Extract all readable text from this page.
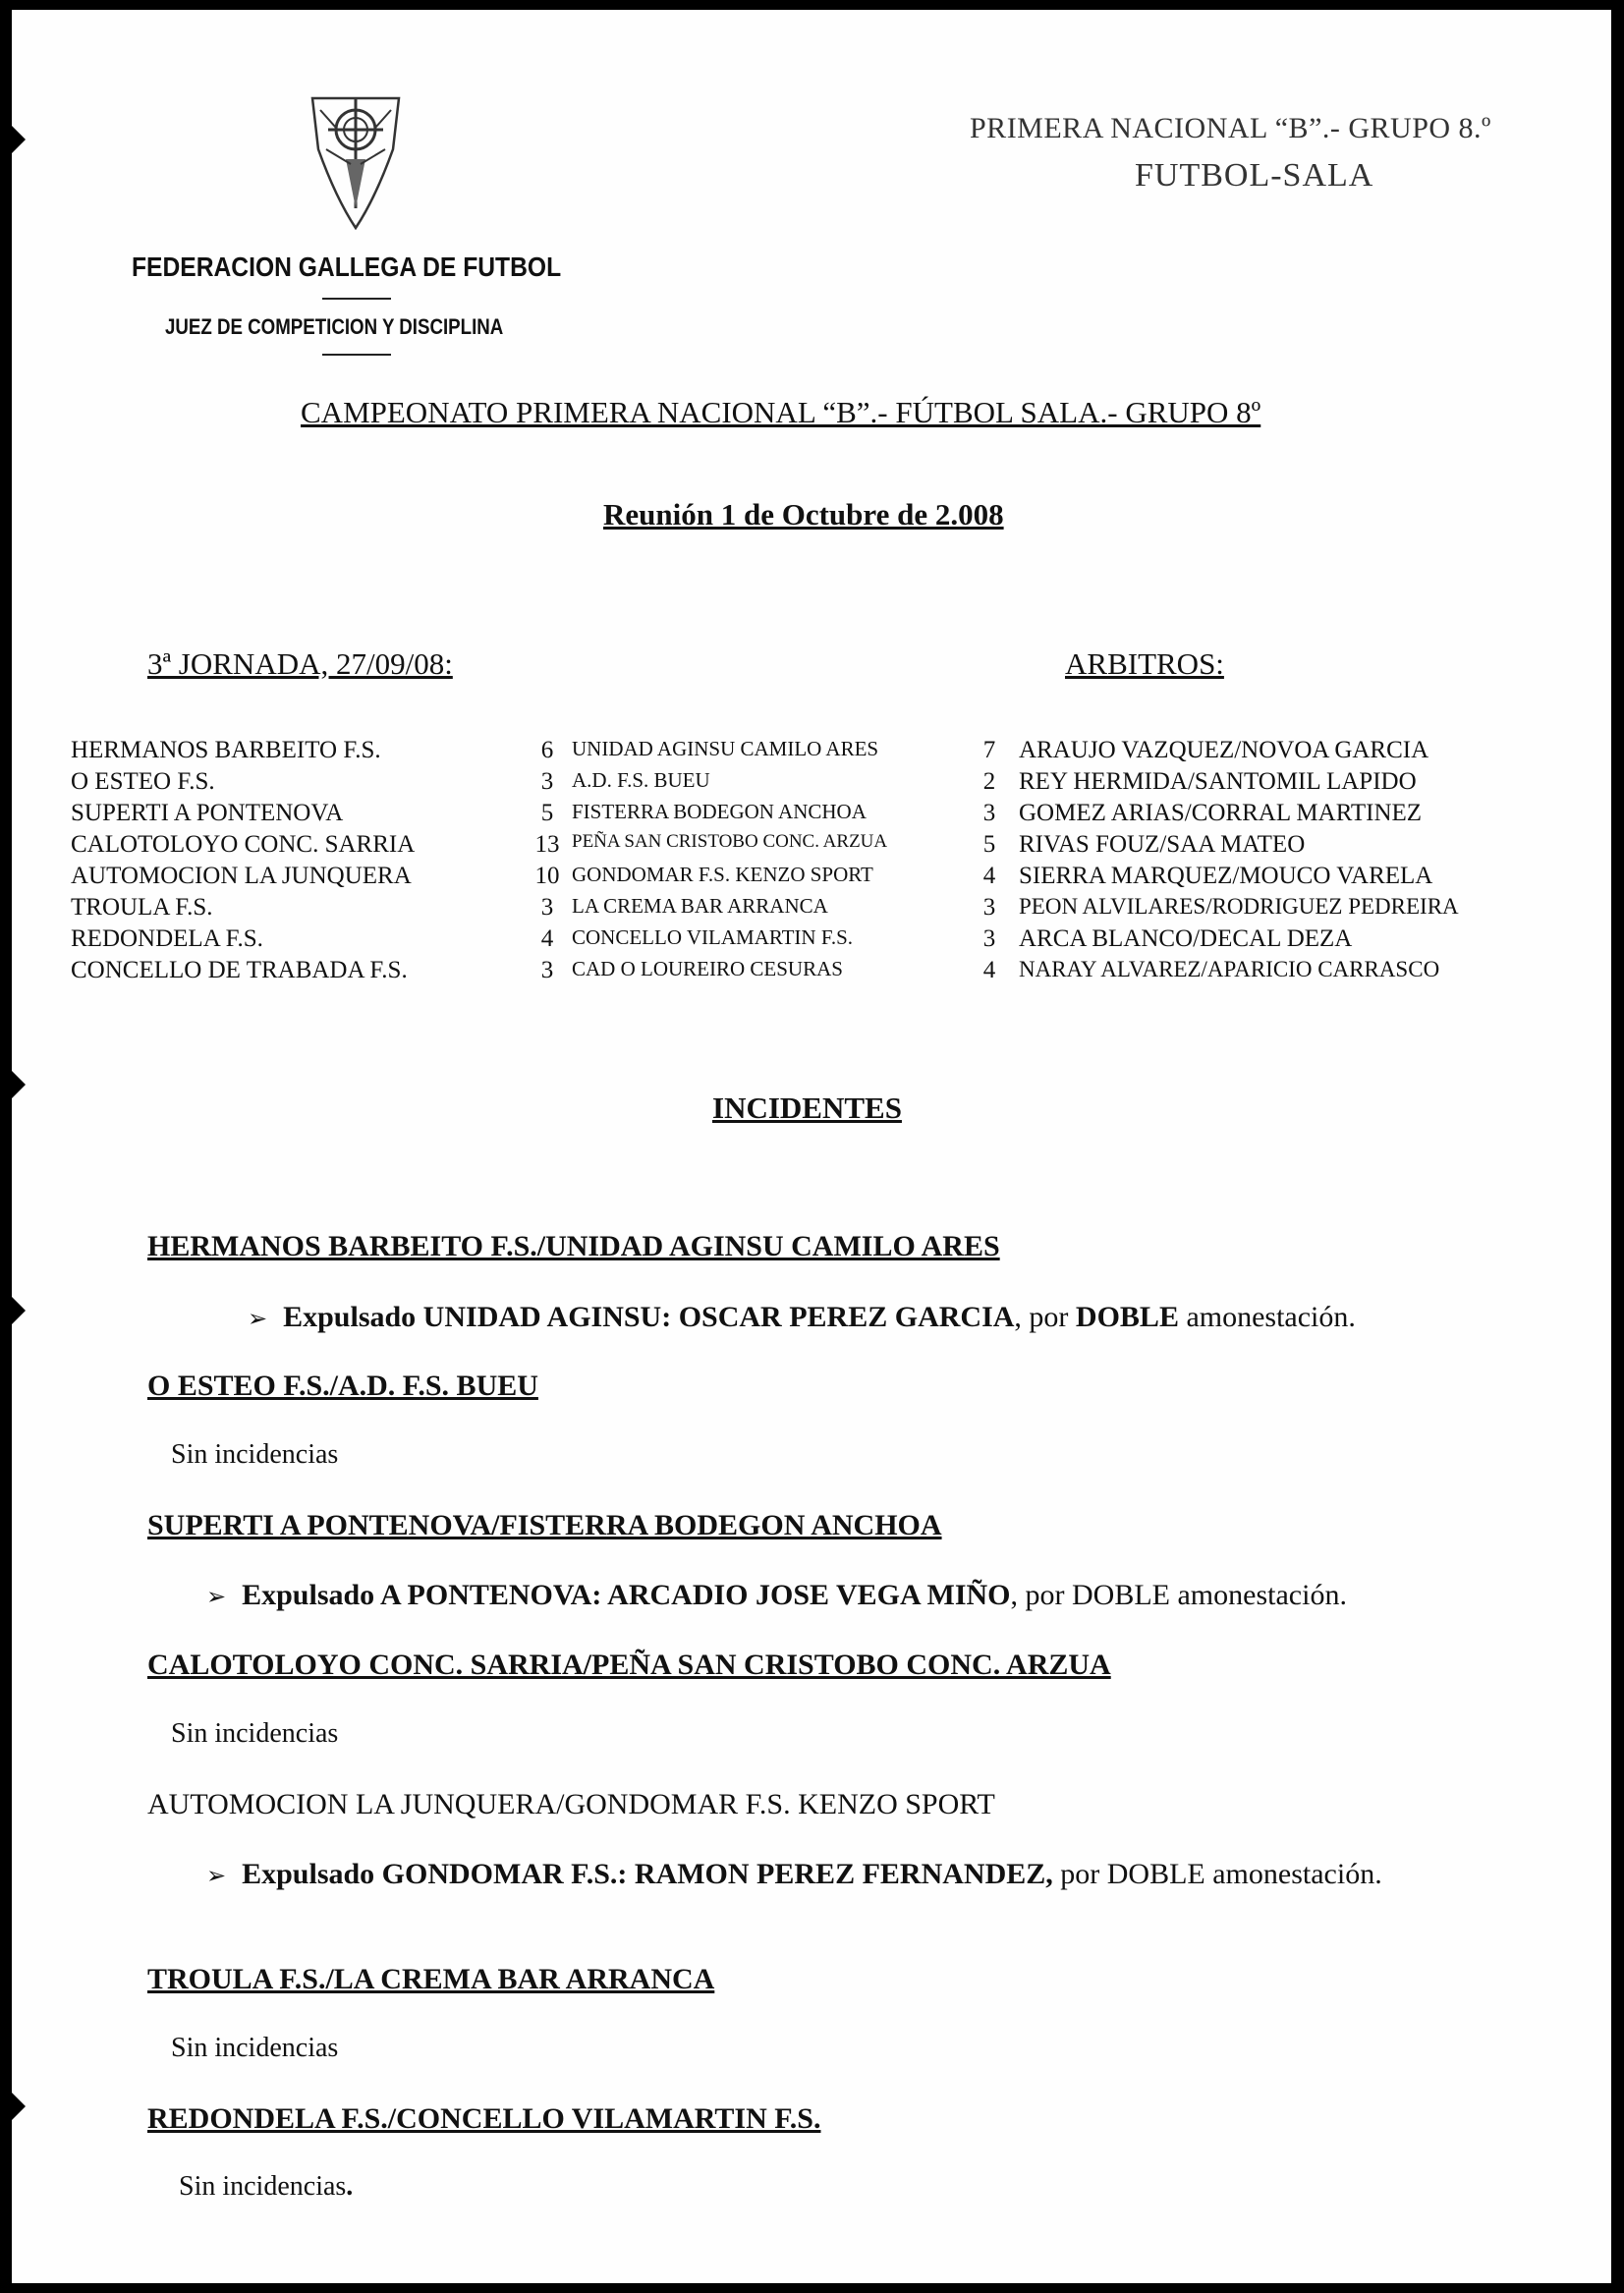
FEDERACION GALLEGA DE FUTBOL
JUEZ DE COMPETICION Y DISCIPLINA
PRIMERA NACIONAL “B”.- GRUPO 8.º
FUTBOL-SALA
CAMPEONATO PRIMERA NACIONAL “B”.- FÚTBOL SALA.- GRUPO 8º
Reunión 1 de Octubre de 2.008
3ª JORNADA, 27/09/08:	ARBITROS:
HERMANOS BARBEITO F.S.	6 UNIDAD AGINSU CAMILO ARES	7 ARAUJO VAZQUEZ/NOVOA GARCIA
O ESTEO F.S.	3 A.D. F.S. BUEU	2 REY HERMIDA/SANTOMIL LAPIDO
SUPERTI A PONTENOVA	5 FISTERRA BODEGON ANCHOA	3 GOMEZ ARIAS/CORRAL MARTINEZ
CALOTOLOYO CONC. SARRIA	13 PEÑA SAN CRISTOBO CONC. ARZUA	5 RIVAS FOUZ/SAA MATEO
AUTOMOCION LA JUNQUERA	10 GONDOMAR F.S. KENZO SPORT	4 SIERRA MARQUEZ/MOUCO VARELA
TROULA F.S.	3 LA CREMA BAR ARRANCA	3	PEON ALVILARES/RODRIGUEZ PEDREIRA
REDONDELA F.S.	4 CONCELLO VILAMARTIN F.S.	3 ARCA BLANCO/DECAL DEZA
CONCELLO DE TRABADA F.S.	3 CAD O LOUREIRO CESURAS	4	NARAY ALVAREZ/APARICIO CARRASCO
INCIDENTES
HERMANOS BARBEITO F.S./UNIDAD AGINSU CAMILO ARES
➢ Expulsado UNIDAD AGINSU: OSCAR PEREZ GARCIA, por DOBLE amonestación.
O ESTEO F.S./A.D. F.S. BUEU
Sin incidencias
SUPERTI A PONTENOVA/FISTERRA BODEGON ANCHOA
➢ Expulsado A PONTENOVA: ARCADIO JOSE VEGA MIÑO, por DOBLE amonestación.
CALOTOLOYO CONC. SARRIA/PEÑA SAN CRISTOBO CONC. ARZUA
Sin incidencias
AUTOMOCION LA JUNQUERA/GONDOMAR F.S. KENZO SPORT
➢ Expulsado GONDOMAR F.S.: RAMON PEREZ FERNANDEZ, por DOBLE amonestación.
TROULA F.S./LA CREMA BAR ARRANCA
Sin incidencias
REDONDELA F.S./CONCELLO VILAMARTIN F.S.
Sin incidencias.
